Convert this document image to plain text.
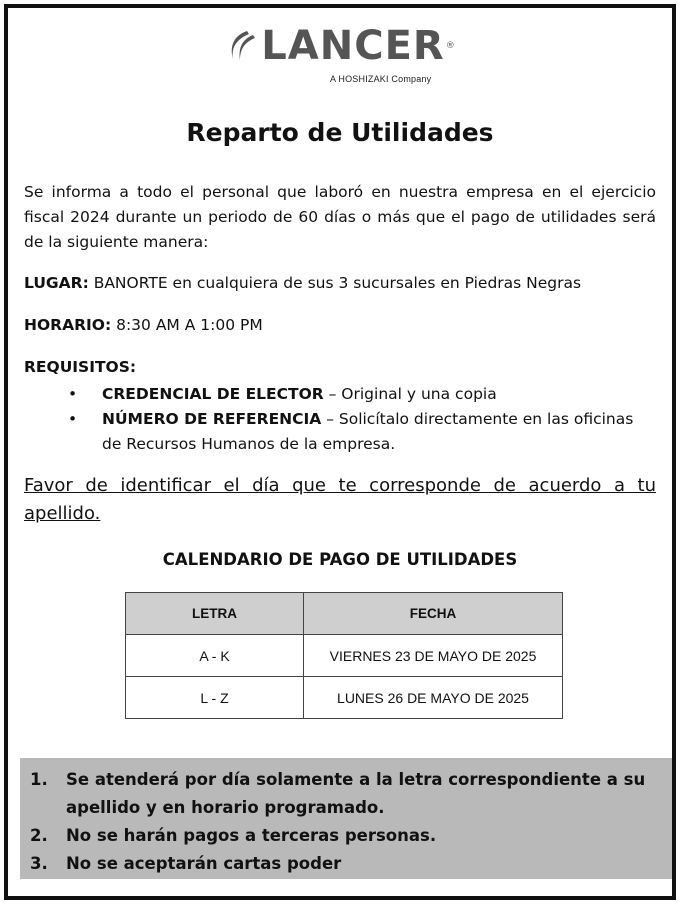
LANCER ®
A HOSHIZAKI Company
Reparto de Utilidades
Se informa a todo el personal que laboró en nuestra empresa en el ejercicio fiscal 2024 durante un periodo de 60 días o más que el pago de utilidades será de la siguiente manera:
LUGAR: BANORTE en cualquiera de sus 3 sucursales en Piedras Negras
HORARIO: 8:30 AM A 1:00 PM
REQUISITOS:
• CREDENCIAL DE ELECTOR – Original y una copia
• NÚMERO DE REFERENCIA – Solicítalo directamente en las oficinas de Recursos Humanos de la empresa.
Favor de identificar el día que te corresponde de acuerdo a tu apellido.
CALENDARIO DE PAGO DE UTILIDADES
LETRA	FECHA
A - K	VIERNES 23 DE MAYO DE 2025
L - Z	LUNES 26 DE MAYO DE 2025
1. Se atenderá por día solamente a la letra correspondiente a su apellido y en horario programado.
2. No se harán pagos a terceras personas.
3. No se aceptarán cartas poder
